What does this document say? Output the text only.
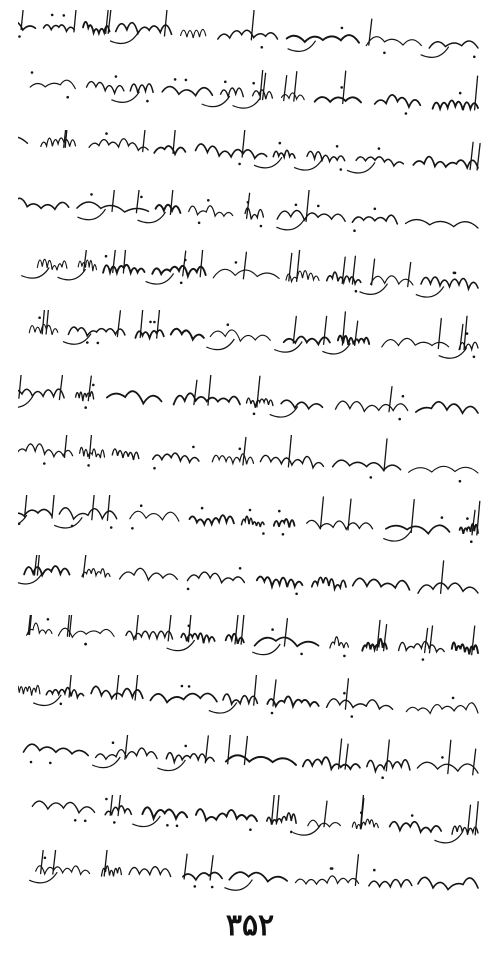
۳۵۲
